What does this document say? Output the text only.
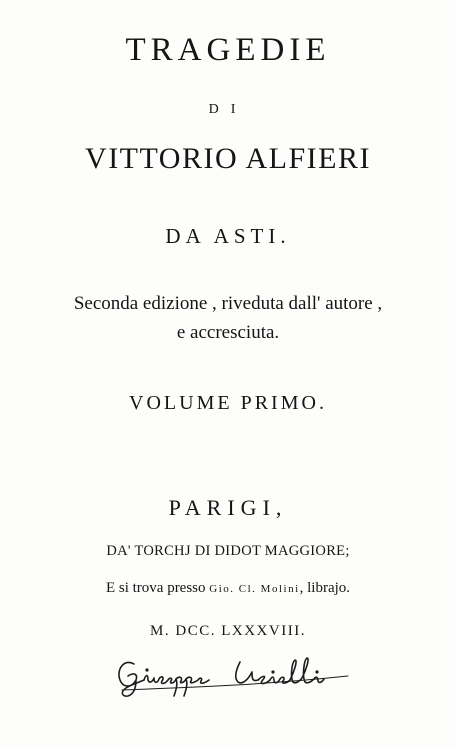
TRAGEDIE
DI
VITTORIO ALFIERI
DA ASTI.
Seconda edizione , riveduta dall' autore ,
e accresciuta.
VOLUME PRIMO.
PARIGI,
DA' TORCHJ DI DIDOT MAGGIORE;
E si trova presso Gio. Cl. Molini, librajo.
M. DCC. LXXXVIII.
